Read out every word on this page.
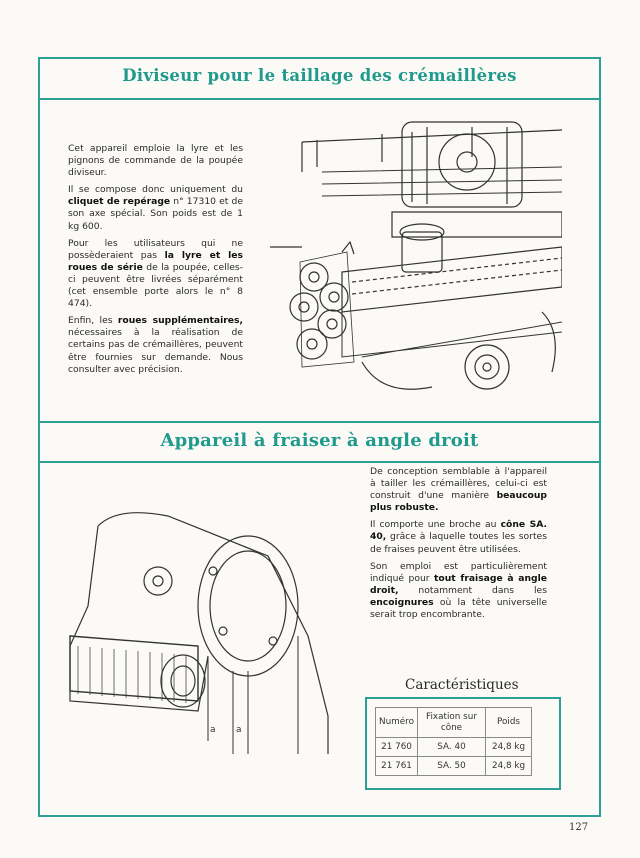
Diviseur pour le taillage des crémaillères

Cet appareil emploie la lyre et les pignons de commande de la poupée diviseur.

Il se compose donc uniquement du cliquet de repérage n° 17310 et de son axe spécial. Son poids est de 1 kg 600.

Pour les utilisateurs qui ne possèderaient pas la lyre et les roues de série de la poupée, celles-ci peuvent être livrées séparément (cet ensemble porte alors le n° 8 474).

Enfin, les roues supplémentaires, nécessaires à la réalisation de certains pas de crémaillères, peuvent être fournies sur demande. Nous consulter avec précision.

Appareil à fraiser à angle droit
a a

De conception semblable à l'appareil à tailler les crémaillères, celui-ci est construit d'une manière beaucoup plus robuste.

Il comporte une broche au cône SA. 40, grâce à laquelle toutes les sortes de fraises peuvent être utilisées.

Son emploi est particulièrement indiqué pour tout fraisage à angle droit, notamment dans les encoignures où la tête universelle serait trop encombrante.

Caractéristiques
Numéro	Fixation sur cône	Poids
21 760	SA. 40	24,8 kg
21 761	SA. 50	24,8 kg
127
